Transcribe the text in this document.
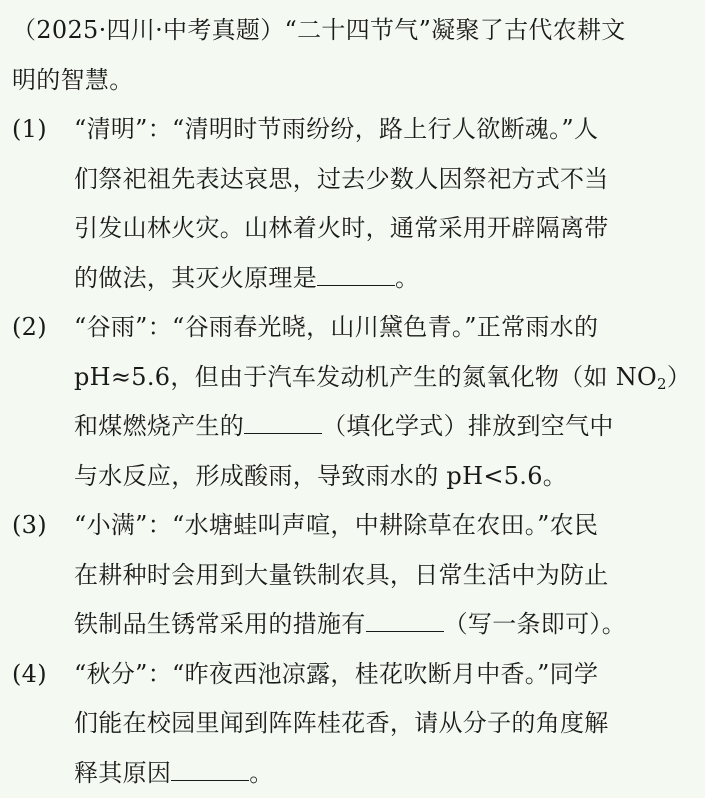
（2025·四川·中考真题）“二十四节气”凝聚了古代农耕文
明的智慧。
(1) “清明”：“清明时节雨纷纷，路上行人欲断魂。”人
们祭祀祖先表达哀思，过去少数人因祭祀方式不当
引发山林火灾。山林着火时，通常采用开辟隔离带
的做法，其灭火原理是	。
(2) “谷雨”：“谷雨春光晓，山川黛色青。”正常雨水的
pH≈5.6，但由于汽车发动机产生的氮氧化物（如 $NO_2$）
和煤燃烧产生的	（填化学式）排放到空气中
与水反应，形成酸雨，导致雨水的 pH<5.6。
(3) “小满”：“水塘蛙叫声喧，中耕除草在农田。”农民
在耕种时会用到大量铁制农具，日常生活中为防止
铁制品生锈常采用的措施有	（写一条即可）。
(4) “秋分”：“昨夜西池凉露，桂花吹断月中香。”同学
们能在校园里闻到阵阵桂花香，请从分子的角度解
释其原因	。
